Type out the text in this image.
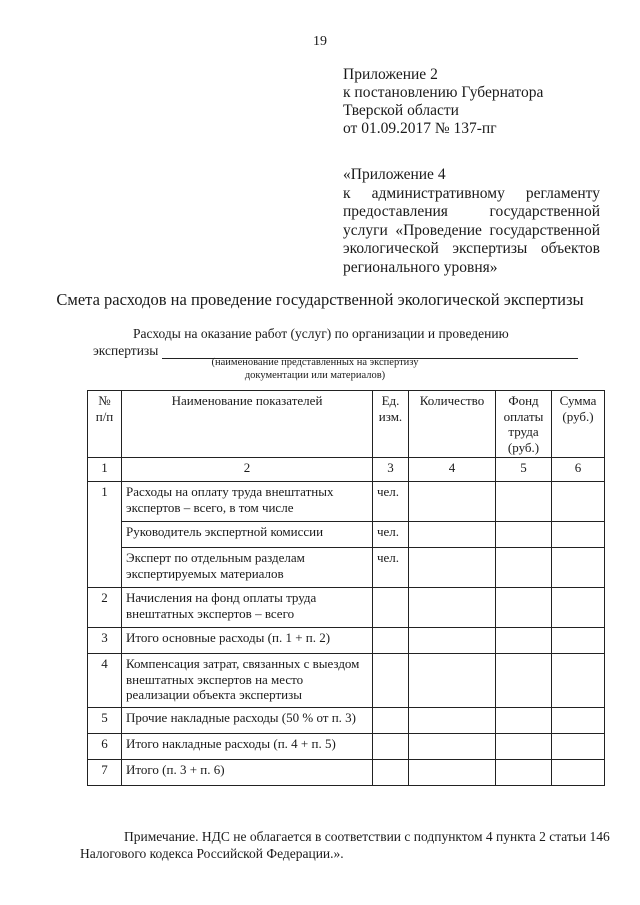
19
Приложение 2
к постановлению Губернатора
Тверской области
от 01.09.2017 № 137-пг
«Приложение 4
к административному регламенту
предоставления государственной
услуги «Проведение государственной
экологической экспертизы объектов
регионального уровня»
Смета расходов на проведение государственной экологической экспертизы
Расходы на оказание работ (услуг) по организации и проведению
экспертизы
(наименование представленных на экспертизу
документации или материалов)
№ п/п	Наименование показателей	Ед. изм.	Количество	Фонд оплаты труда (руб.)	Сумма (руб.)
1	2	3	4	5	6
1	Расходы на оплату труда внештатных экспертов – всего, в том числе	чел.			
	Руководитель экспертной комиссии	чел.			
	Эксперт по отдельным разделам экспертируемых материалов	чел.			
2	Начисления на фонд оплаты труда внештатных экспертов – всего				
3	Итого основные расходы (п. 1 + п. 2)				
4	Компенсация затрат, связанных с выездом внештатных экспертов на место реализации объекта экспертизы				
5	Прочие накладные расходы (50 % от п. 3)				
6	Итого накладные расходы (п. 4 + п. 5)				
7	Итого (п. 3 + п. 6)				
Примечание. НДС не облагается в соответствии с подпунктом 4 пункта 2 статьи 146
Налогового кодекса Российской Федерации.».
